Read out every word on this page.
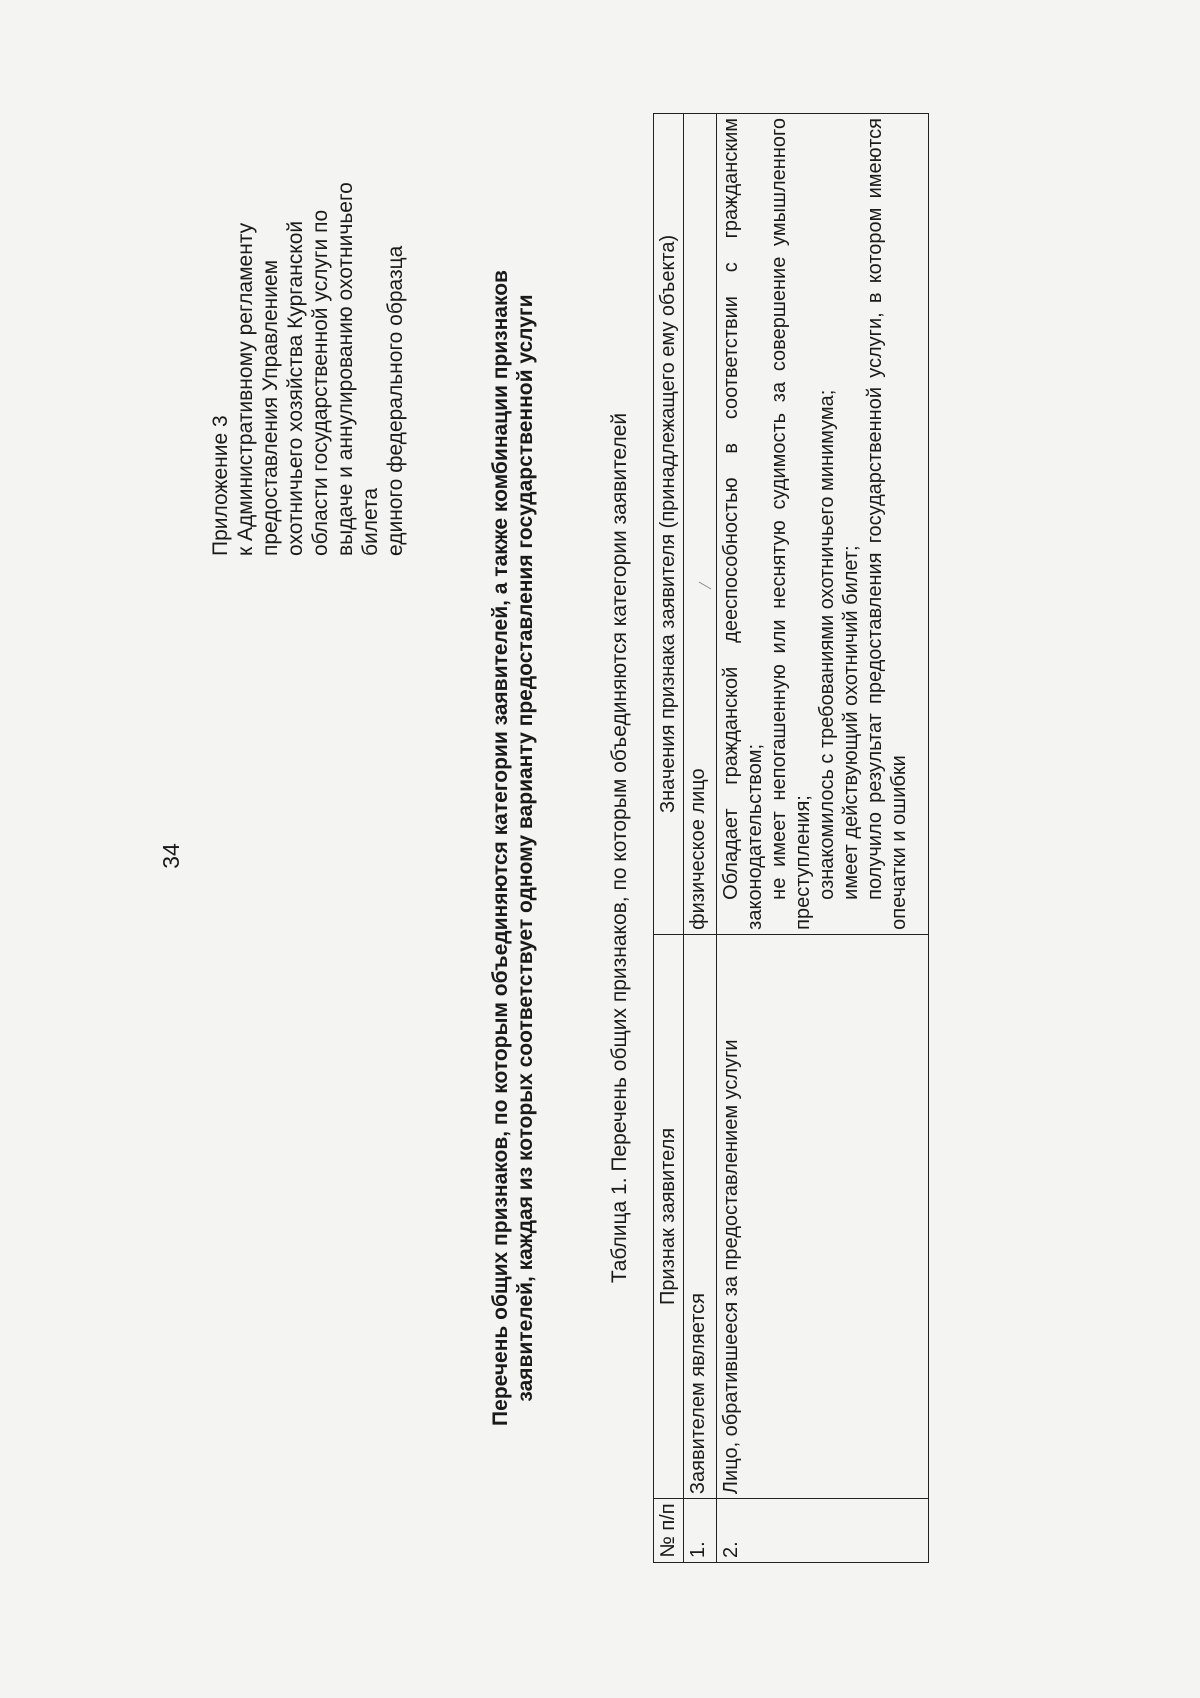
34
Приложение 3 к Административному регламенту предоставления Управлением охотничьего хозяйства Курганской области государственной услуги по выдаче и аннулированию охотничьего билета единого федерального образца	Перечень общих признаков, по которым объединяются категории заявителей, а также комбинации признаков заявителей, каждая из которых соответствует одному варианту предоставления государственной услуги	Таблица 1. Перечень общих признаков, по которым объединяются категории заявителей
№ п/п	Признак заявителя	Значения признака заявителя (принадлежащего ему объекта)
1.	Заявителем является	физическое лицо
2.	Лицо, обратившееся за предоставлением услуги	Обладает гражданской дееспособностью в соответствии с гражданским законодательством; не имеет непогашенную или неснятую судимость за совершение умышленного преступления; ознакомилось с требованиями охотничьего минимума; имеет действующий охотничий билет; получило результат предоставления государственной услуги, в котором имеются опечатки и ошибки
